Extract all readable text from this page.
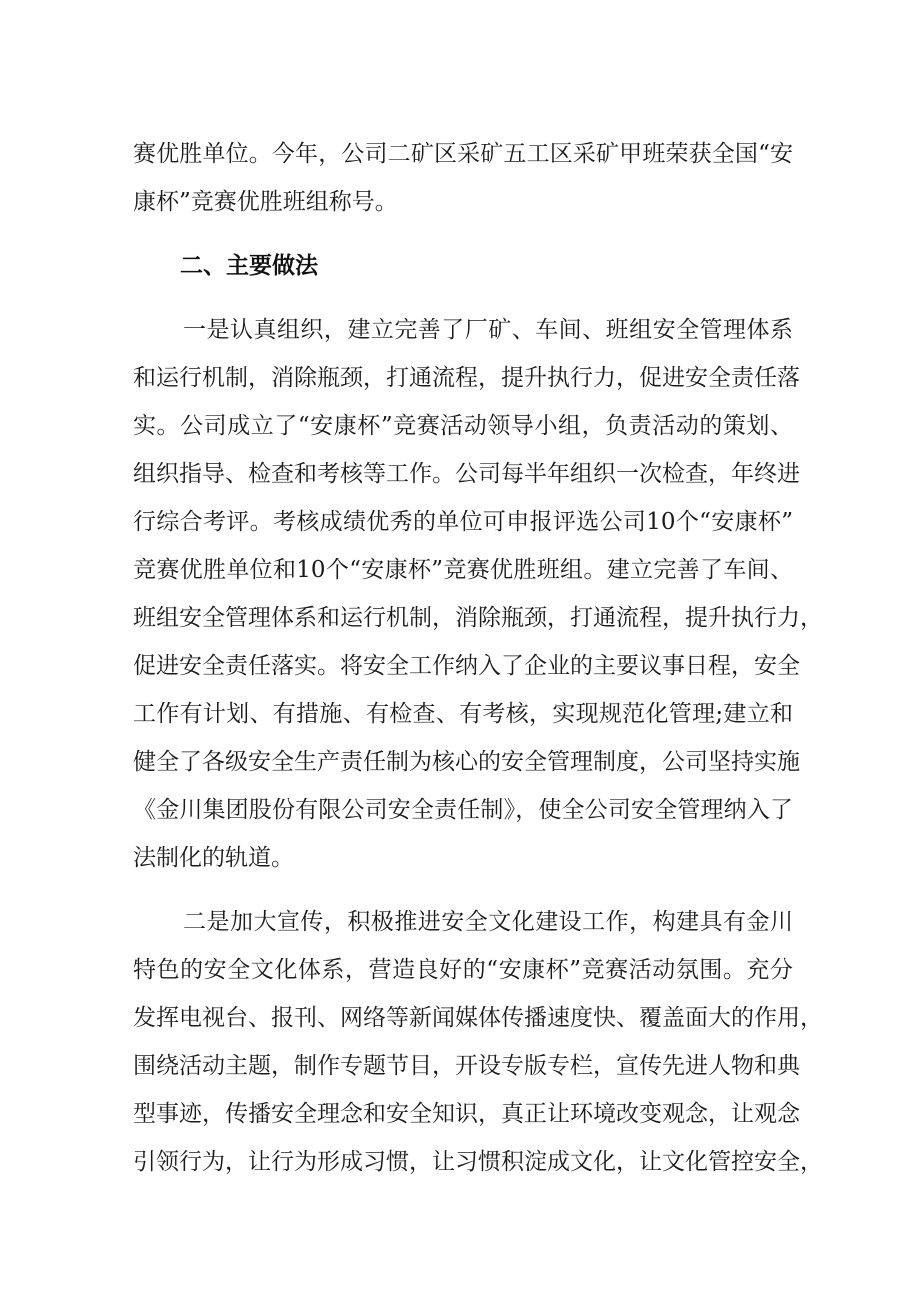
赛优胜单位。今年，公司二矿区采矿五工区采矿甲班荣获全国“安
康杯”竞赛优胜班组称号。
二、主要做法
一是认真组织，建立完善了厂矿、车间、班组安全管理体系
和运行机制，消除瓶颈，打通流程，提升执行力，促进安全责任落
实。公司成立了“安康杯”竞赛活动领导小组，负责活动的策划、
组织指导、检查和考核等工作。公司每半年组织一次检查，年终进
行综合考评。考核成绩优秀的单位可申报评选公司10个“安康杯”
竞赛优胜单位和10个“安康杯”竞赛优胜班组。建立完善了车间、
班组安全管理体系和运行机制，消除瓶颈，打通流程，提升执行力，
促进安全责任落实。将安全工作纳入了企业的主要议事日程，安全
工作有计划、有措施、有检查、有考核，实现规范化管理;建立和
健全了各级安全生产责任制为核心的安全管理制度，公司坚持实施
《金川集团股份有限公司安全责任制》，使全公司安全管理纳入了
法制化的轨道。
二是加大宣传，积极推进安全文化建设工作，构建具有金川
特色的安全文化体系，营造良好的“安康杯”竞赛活动氛围。充分
发挥电视台、报刊、网络等新闻媒体传播速度快、覆盖面大的作用，
围绕活动主题，制作专题节目，开设专版专栏，宣传先进人物和典
型事迹，传播安全理念和安全知识，真正让环境改变观念，让观念
引领行为，让行为形成习惯，让习惯积淀成文化，让文化管控安全，
